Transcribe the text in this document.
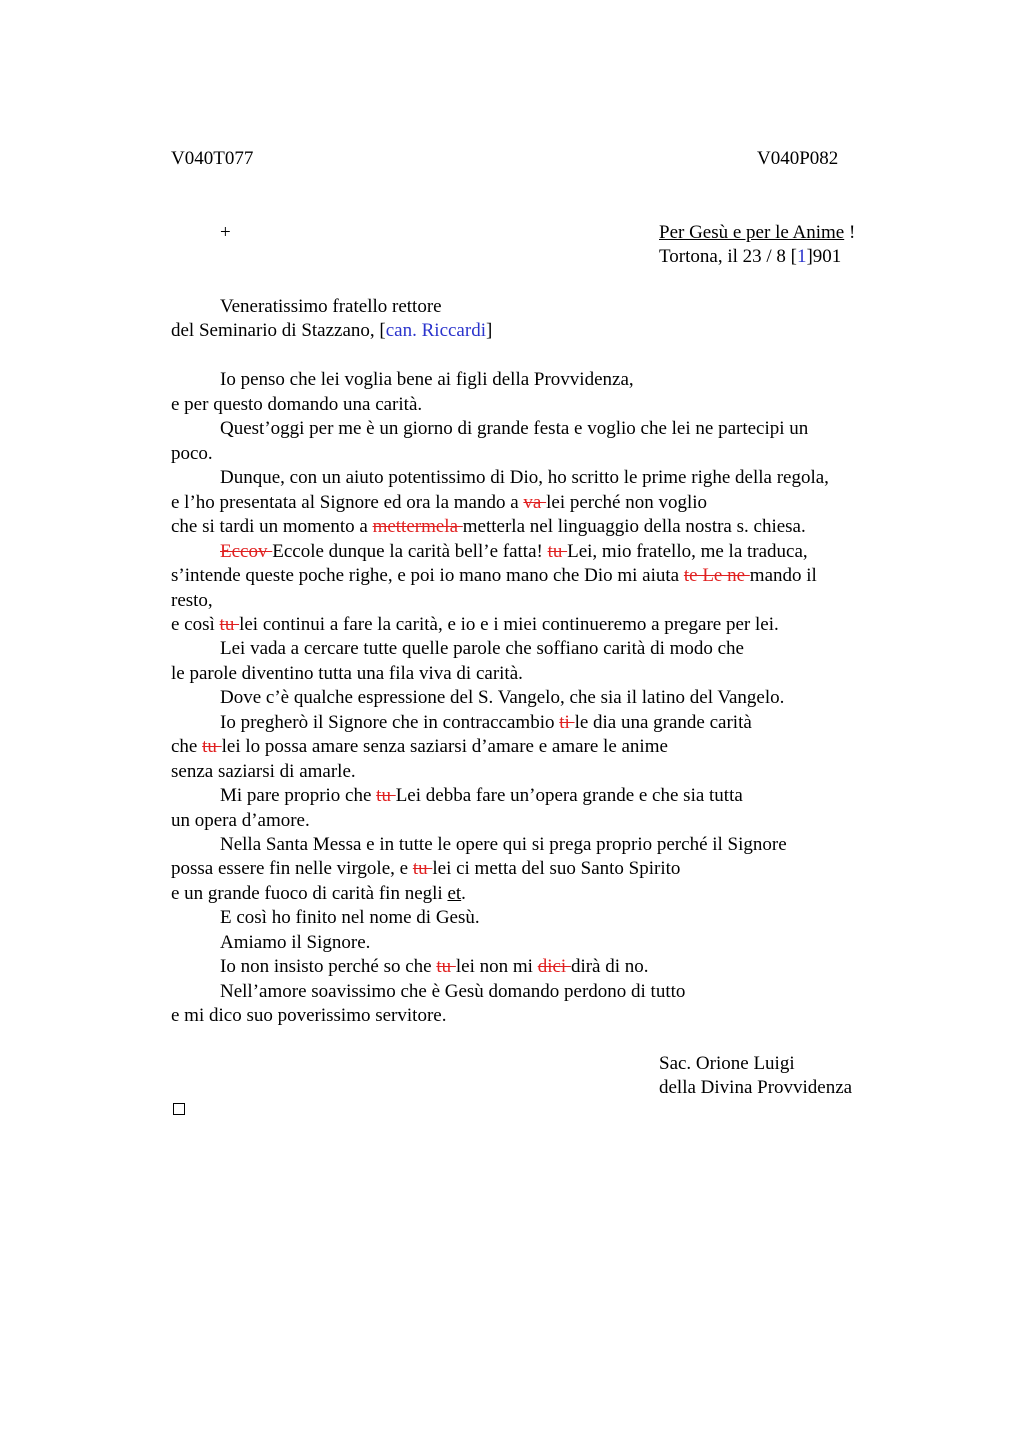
V040T077	V040P082
+	Per Gesù e per le Anime !
Tortona, il 23 / 8 [1]901
Veneratissimo fratello rettore
del Seminario di Stazzano, [can. Riccardi]
Io penso che lei voglia bene ai figli della Provvidenza,
e per questo domando una carità.
Quest’oggi per me è un giorno di grande festa e voglio che lei ne partecipi un
poco.
Dunque, con un aiuto potentissimo di Dio, ho scritto le prime righe della regola,
e l’ho presentata al Signore ed ora la mando a va lei perché non voglio
che si tardi un momento a mettermela metterla nel linguaggio della nostra s. chiesa.
Eccov Eccole dunque la carità bell’e fatta! tu Lei, mio fratello, me la traduca,
s’intende queste poche righe, e poi io mano mano che Dio mi aiuta te Le ne mando il
resto,
e così tu lei continui a fare la carità, e io e i miei continueremo a pregare per lei.
Lei vada a cercare tutte quelle parole che soffiano carità di modo che
le parole diventino tutta una fila viva di carità.
Dove c’è qualche espressione del S. Vangelo, che sia il latino del Vangelo.
Io pregherò il Signore che in contraccambio ti le dia una grande carità
che tu lei lo possa amare senza saziarsi d’amare e amare le anime
senza saziarsi di amarle.
Mi pare proprio che tu Lei debba fare un’opera grande e che sia tutta
un opera d’amore.
Nella Santa Messa e in tutte le opere qui si prega proprio perché il Signore
possa essere fin nelle virgole, e tu lei ci metta del suo Santo Spirito
e un grande fuoco di carità fin negli et.
E così ho finito nel nome di Gesù.
Amiamo il Signore.
Io non insisto perché so che tu lei non mi dici dirà di no.
Nell’amore soavissimo che è Gesù domando perdono di tutto
e mi dico suo poverissimo servitore.
Sac. Orione Luigi
della Divina Provvidenza
